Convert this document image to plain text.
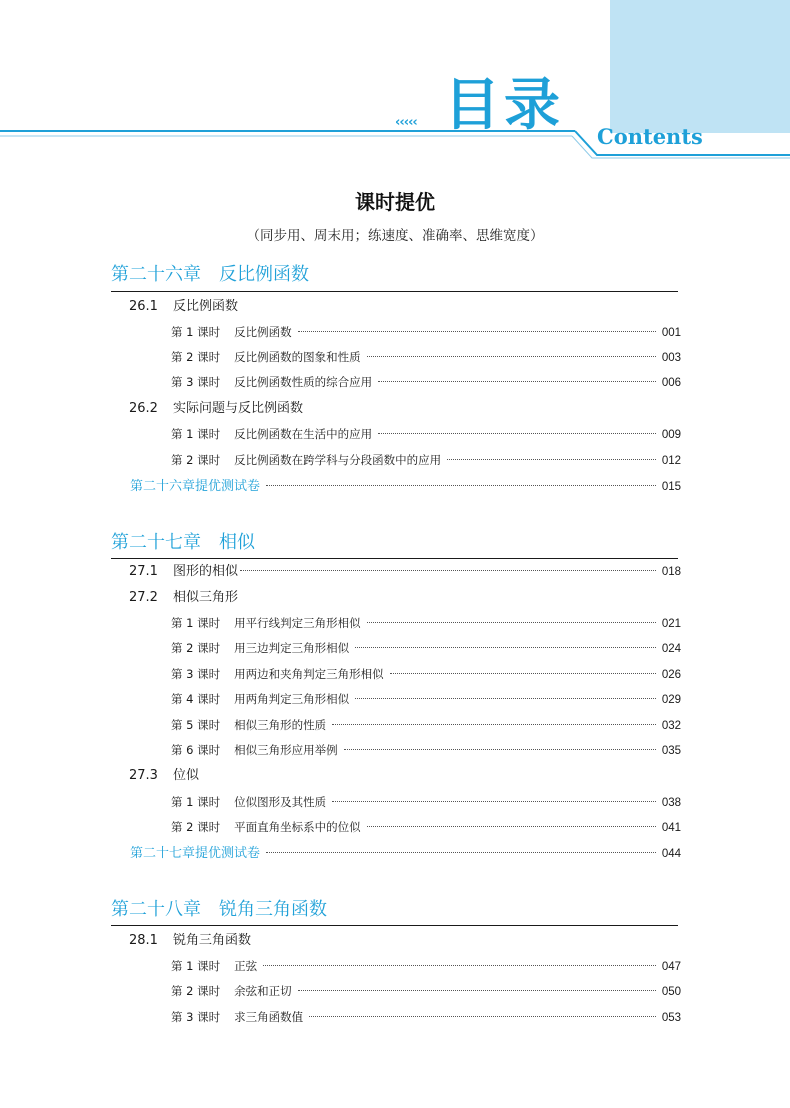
‹‹‹‹‹ 目录 Contents
课时提优
（同步用、周末用；练速度、准确率、思维宽度）
第二十六章 反比例函数
26.1 反比例函数
第 1 课时 反比例函数	001
第 2 课时 反比例函数的图象和性质	003
第 3 课时 反比例函数性质的综合应用	006
26.2 实际问题与反比例函数
第 1 课时 反比例函数在生活中的应用	009
第 2 课时 反比例函数在跨学科与分段函数中的应用	012
第二十六章提优测试卷	015
第二十七章 相似
27.1	图形的相似	018
27.2 相似三角形
第 1 课时 用平行线判定三角形相似	021
第 2 课时 用三边判定三角形相似	024
第 3 课时 用两边和夹角判定三角形相似	026
第 4 课时 用两角判定三角形相似	029
第 5 课时 相似三角形的性质	032
第 6 课时 相似三角形应用举例	035
27.3 位似
第 1 课时 位似图形及其性质	038
第 2 课时 平面直角坐标系中的位似	041
第二十七章提优测试卷	044
第二十八章 锐角三角函数
28.1 锐角三角函数
第 1 课时 正弦	047
第 2 课时 余弦和正切	050
第 3 课时 求三角函数值	053
